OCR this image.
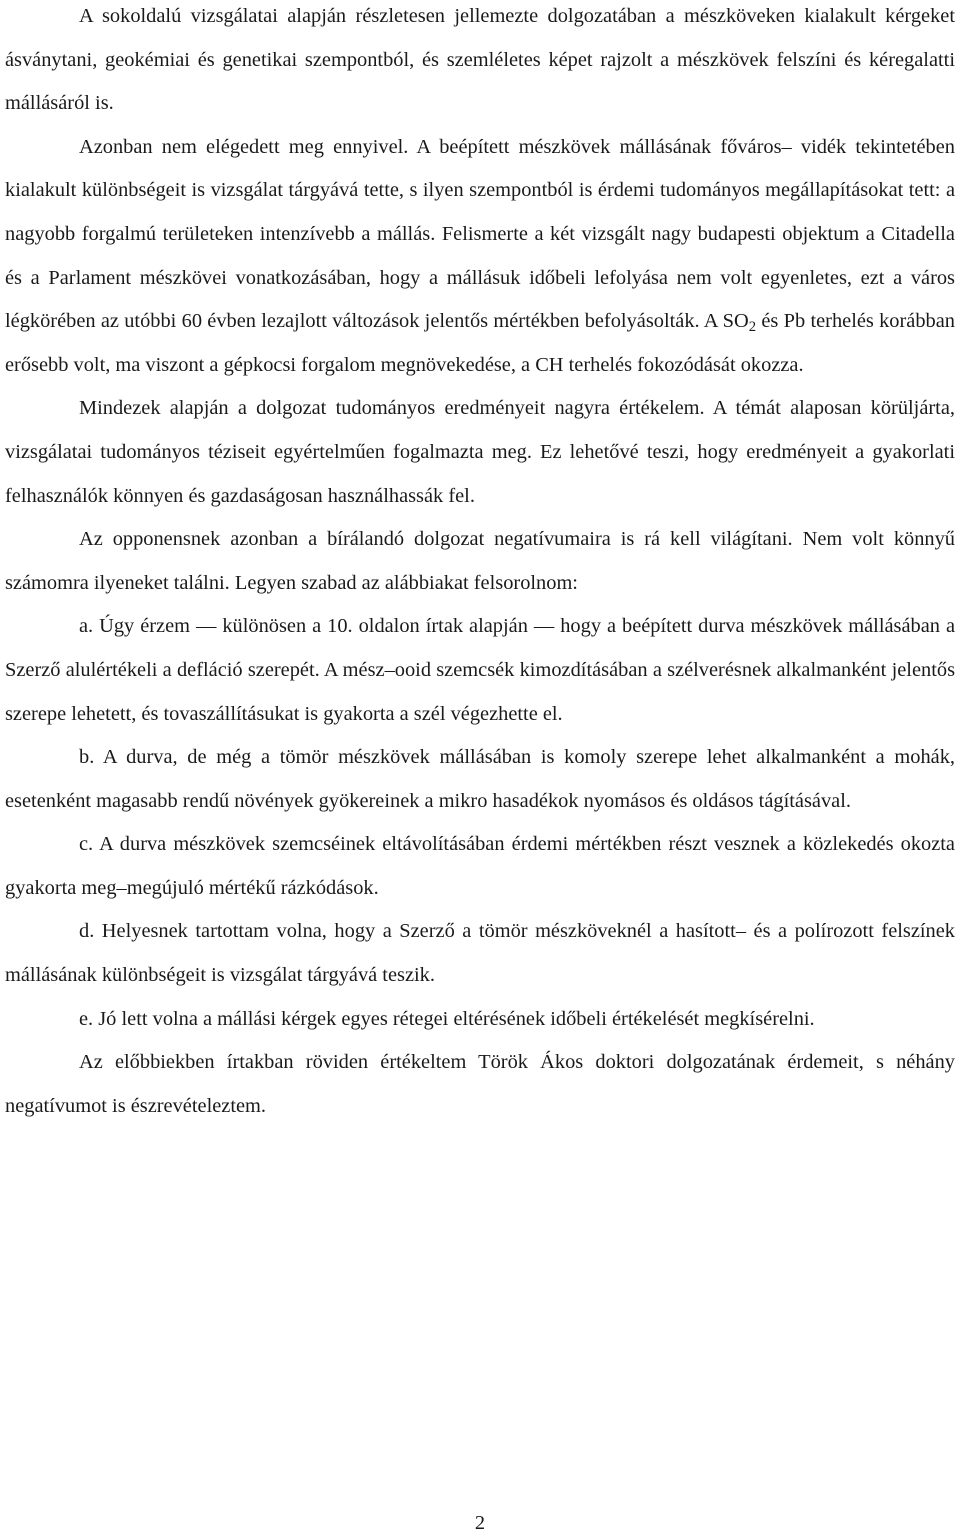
A sokoldalú vizsgálatai alapján részletesen jellemezte dolgozatában a mészköveken kialakult kérgeket ásványtani, geokémiai és genetikai szempontból, és szemléletes képet rajzolt a mészkövek felszíni és kéregalatti mállásáról is.

Azonban nem elégedett meg ennyivel. A beépített mészkövek mállásának főváros– vidék tekintetében kialakult különbségeit is vizsgálat tárgyává tette, s ilyen szempontból is érdemi tudományos megállapításokat tett: a nagyobb forgalmú területeken intenzívebb a mállás. Felismerte a két vizsgált nagy budapesti objektum a Citadella és a Parlament mészkövei vonatkozásában, hogy a mállásuk időbeli lefolyása nem volt egyenletes, ezt a város légkörében az utóbbi 60 évben lezajlott változások jelentős mértékben befolyásolták. A $SO_2$ és Pb terhelés korábban erősebb volt, ma viszont a gépkocsi forgalom megnövekedése, a CH terhelés fokozódását okozza.

Mindezek alapján a dolgozat tudományos eredményeit nagyra értékelem. A témát alaposan körüljárta, vizsgálatai tudományos téziseit egyértelműen fogalmazta meg. Ez lehetővé teszi, hogy eredményeit a gyakorlati felhasználók könnyen és gazdaságosan használhassák fel.

Az opponensnek azonban a bírálandó dolgozat negatívumaira is rá kell világítani. Nem volt könnyű számomra ilyeneket találni. Legyen szabad az alábbiakat felsorolnom:

a. Úgy érzem — különösen a 10. oldalon írtak alapján — hogy a beépített durva mészkövek mállásában a Szerző alulértékeli a defláció szerepét. A mész–ooid szemcsék kimozdításában a szélverésnek alkalmanként jelentős szerepe lehetett, és tovaszállításukat is gyakorta a szél végezhette el.

b. A durva, de még a tömör mészkövek mállásában is komoly szerepe lehet alkalmanként a mohák, esetenként magasabb rendű növények gyökereinek a mikro hasadékok nyomásos és oldásos tágításával.

c. A durva mészkövek szemcséinek eltávolításában érdemi mértékben részt vesznek a közlekedés okozta gyakorta meg–megújuló mértékű rázkódások.

d. Helyesnek tartottam volna, hogy a Szerző a tömör mészköveknél a hasított– és a polírozott felszínek mállásának különbségeit is vizsgálat tárgyává teszik.

e. Jó lett volna a mállási kérgek egyes rétegei eltérésének időbeli értékelését megkísérelni.

Az előbbiekben írtakban röviden értékeltem Török Ákos doktori dolgozatának érdemeit, s néhány negatívumot is észrevételeztem.

2
